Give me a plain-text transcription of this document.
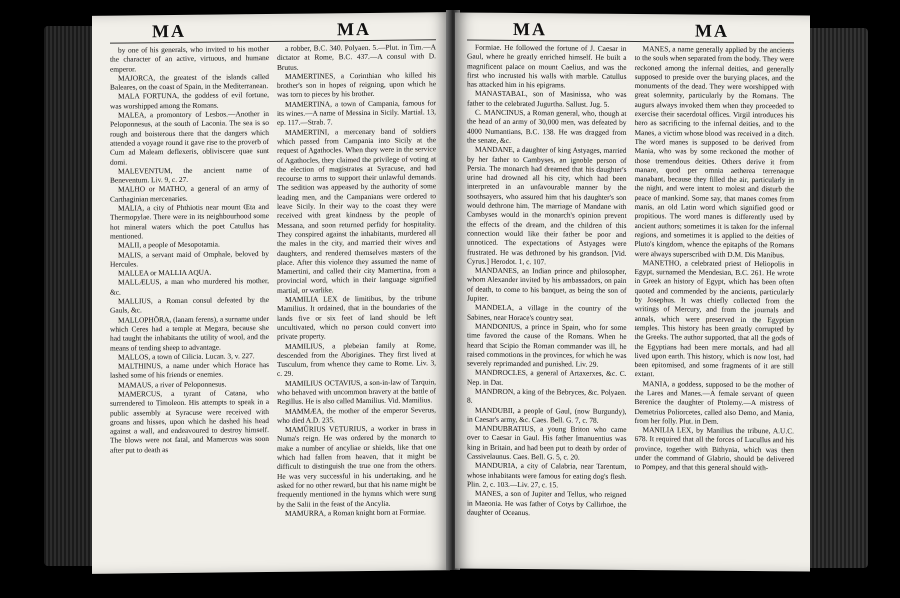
MA	MA

by one of his generals, who invited to his mother the character of an active, virtuous, and humane emperor.

MAJORCA, the greatest of the islands called Baleares, on the coast of Spain, in the Mediterranean.

MALA FORTUNA, the goddess of evil fortune, was worshipped among the Romans.

MALEA, a promontory of Lesbos.—Another in Peloponnesus, at the south of Laconia. The sea is so rough and boisterous there that the dangers which attended a voyage round it gave rise to the proverb of Cum ad Maleam deflexeris, obliviscere quae sunt domi.

MALEVENTUM, the ancient name of Beneventum. Liv. 9, c. 27.

MALHO or MATHO, a general of an army of Carthaginian mercenaries.

MALIA, a city of Phthiotis near mount Œta and Thermopylae. There were in its neighbourhood some hot mineral waters which the poet Catullus has mentioned.

MALII, a people of Mesopotamia.

MALIS, a servant maid of Omphale, beloved by Hercules.

MALLEA or MALLIA AQUA.

MALLÆLUS, a man who murdered his mother, &c.

MALLIUS, a Roman consul defeated by the Gauls, &c.

MALLOPHŎRA, (lanam ferens), a surname under which Ceres had a temple at Megara, because she had taught the inhabitants the utility of wool, and the means of tending sheep to advantage.

MALLOS, a town of Cilicia. Lucan. 3, v. 227.

MALTHINUS, a name under which Horace has lashed some of his friends or enemies.

MAMAUS, a river of Peloponnesus.

MAMERCUS, a tyrant of Catana, who surrendered to Timoleon. His attempts to speak in a public assembly at Syracuse were received with groans and hisses, upon which he dashed his head against a wall, and endeavoured to destroy himself. The blows were not fatal, and Mamercus was soon after put to death as

a robber, B.C. 340. Polyaen. 5.—Plut. in Tim.—A dictator at Rome, B.C. 437.—A consul with D. Brutus.

MAMERTINES, a Corinthian who killed his brother's son in hopes of reigning, upon which he was torn to pieces by his brother.

MAMERTINA, a town of Campania, famous for its wines.—A name of Messina in Sicily. Martial. 13, ep. 117.—Strab. 7.

MAMERTINI, a mercenary band of soldiers which passed from Campania into Sicily at the request of Agathocles. When they were in the service of Agathocles, they claimed the privilege of voting at the election of magistrates at Syracuse, and had recourse to arms to support their unlawful demands. The sedition was appeased by the authority of some leading men, and the Campanians were ordered to leave Sicily. In their way to the coast they were received with great kindness by the people of Messana, and soon returned perfidy for hospitality. They conspired against the inhabitants, murdered all the males in the city, and married their wives and daughters, and rendered themselves masters of the place. After this violence they assumed the name of Mamertini, and called their city Mamertina, from a provincial word, which in their language signified martial, or warlike.

MAMILIA LEX de limitibus, by the tribune Mamilius. It ordained, that in the boundaries of the lands five or six feet of land should be left uncultivated, which no person could convert into private property.

MAMILIUS, a plebeian family at Rome, descended from the Aborigines. They first lived at Tusculum, from whence they came to Rome. Liv. 3, c. 29.

MAMILIUS OCTAVIUS, a son-in-law of Tarquin, who behaved with uncommon bravery at the battle of Regillus. He is also called Mamilius. Vid. Mamilius.

MAMMÆA, the mother of the emperor Severus, who died A.D. 235.

MAMŬRIUS VETURIUS, a worker in brass in Numa's reign. He was ordered by the monarch to make a number of ancyliae or shields, like that one which had fallen from heaven, that it might be difficult to distinguish the true one from the others. He was very successful in his undertaking, and he asked for no other reward, but that his name might be frequently mentioned in the hymns which were sung by the Salii in the feast of the Ancylia.

MAMURRA, a Roman knight born at Formiae.

MA	MA

Formiae. He followed the fortune of J. Caesar in Gaul, where he greatly enriched himself. He built a magnificent palace on mount Caelius, and was the first who incrusted his walls with marble. Catullus has attacked him in his epigrams.

MANASTABAL, son of Masinissa, who was father to the celebrated Jugurtha. Sallust. Jug. 5.

C. MANCINUS, a Roman general, who, though at the head of an army of 30,000 men, was defeated by 4000 Numantians, B.C. 138. He was dragged from the senate, &c.

MANDANE, a daughter of king Astyages, married by her father to Cambyses, an ignoble person of Persia. The monarch had dreamed that his daughter's urine had drowned all his city, which had been interpreted in an unfavourable manner by the soothsayers, who assured him that his daughter's son would dethrone him. The marriage of Mandane with Cambyses would in the monarch's opinion prevent the effects of the dream, and the children of this connection would like their father be poor and unnoticed. The expectations of Astyages were frustrated. He was dethroned by his grandson. [Vid. Cyrus.] Herodot. 1, c. 107.

MANDANES, an Indian prince and philosopher, whom Alexander invited by his ambassadors, on pain of death, to come to his banquet, as being the son of Jupiter.

MANDELA, a village in the country of the Sabines, near Horace's country seat.

MANDONIUS, a prince in Spain, who for some time favored the cause of the Romans. When he heard that Scipio the Roman commander was ill, he raised commotions in the provinces, for which he was severely reprimanded and punished. Liv. 29.

MANDROCLES, a general of Artaxerxes, &c. C. Nep. in Dat.

MANDRON, a king of the Bebryces, &c. Polyaen. 8.

MANDUBII, a people of Gaul, (now Burgundy), in Caesar's army, &c. Caes. Bell. G. 7, c. 78.

MANDUBRATIUS, a young Briton who came over to Caesar in Gaul. His father Imanuentius was king in Britain, and had been put to death by order of Cassivelaunus. Caes. Bell. G. 5, c. 20.

MANDURIA, a city of Calabria, near Tarentum, whose inhabitants were famous for eating dog's flesh. Plin. 2, c. 103.—Liv. 27, c. 15.

MANES, a son of Jupiter and Tellus, who reigned in Maeonia. He was father of Cotys by Callirhoe, the daughter of Oceanus.

MANES, a name generally applied by the ancients to the souls when separated from the body. They were reckoned among the infernal deities, and generally supposed to preside over the burying places, and the monuments of the dead. They were worshipped with great solemnity, particularly by the Romans. The augurs always invoked them when they proceeded to exercise their sacerdotal offices. Virgil introduces his hero as sacrificing to the infernal deities, and to the Manes, a victim whose blood was received in a ditch. The word manes is supposed to be derived from Mania, who was by some reckoned the mother of those tremendous deities. Others derive it from manare, quod per omnia aetherea terrenaque manabant, because they filled the air, particularly in the night, and were intent to molest and disturb the peace of mankind. Some say, that manes comes from manis, an old Latin word which signified good or propitious. The word manes is differently used by ancient authors; sometimes it is taken for the infernal regions, and sometimes it is applied to the deities of Pluto's kingdom, whence the epitaphs of the Romans were always superscribed with D.M. Dis Manibus.

MANETHO, a celebrated priest of Heliopolis in Egypt, surnamed the Mendesian, B.C. 261. He wrote in Greek an history of Egypt, which has been often quoted and commended by the ancients, particularly by Josephus. It was chiefly collected from the writings of Mercury, and from the journals and annals, which were preserved in the Egyptian temples. This history has been greatly corrupted by the Greeks. The author supported, that all the gods of the Egyptians had been mere mortals, and had all lived upon earth. This history, which is now lost, had been epitomised, and some fragments of it are still extant.

MANIA, a goddess, supposed to be the mother of the Lares and Manes.—A female servant of queen Berenice the daughter of Ptolemy.—A mistress of Demetrius Poliorcetes, called also Demo, and Mania, from her folly. Plut. in Dem.

MANILIA LEX, by Manilius the tribune, A.U.C. 678. It required that all the forces of Lucullus and his province, together with Bithynia, which was then under the command of Glabrio, should be delivered to Pompey, and that this general should with-
